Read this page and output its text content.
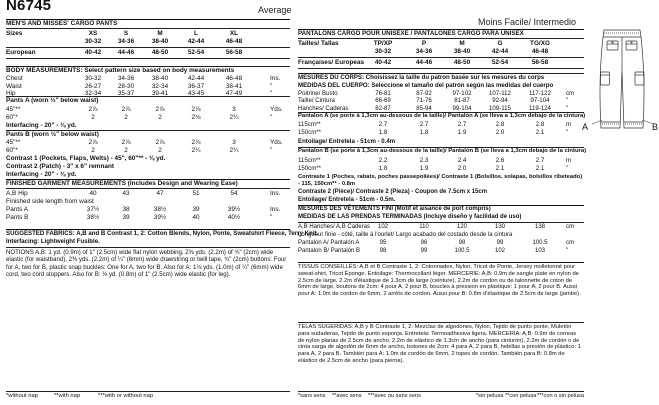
N6745	Average
MEN'S AND MISSES' CARGO PANTS
Sizes	XS	S	M	L	XL
30-32	34-36	38-40	42-44	46-48
European	40-42	44-46	48-50	52-54	56-58
BODY MEASUREMENTS: Select pattern size based on body measurements
Chest	30-32	34-36	38-40	42-44	46-48	Ins.
Waist	26-27	28-30	32-34	36-37	38-41	"
Hip	32-34	35-37	39-41	43-45	47-49	"
Pants A (worn ½" below waist)
45"**	2⅞	2⅞	2⅞	2⅞	3	Yds.
60"*	2	2	2	2⅛	2¼	"
Interfacing - 20" - ⅛ yd.
Pants B (worn ½" below waist)
45"**	2⅞	2⅞	2⅞	2⅞	3	Yds.
60"*	2	2	2	2¼	2¼	"
Contrast 1 (Pockets, Flaps, Welts) - 45", 60"** - ⅛ yd.
Contrast 2 (Patch) - 3" x 6" remnant
Interfacing - 20" - ⅛ yd.
FINISHED GARMENT MEASUREMENTS (Includes Design and Wearing Ease)
A,B Hip	40	43	47	51	54	Ins.
Finished side length from waist
Pants A	37½	38	38½	39	39½	Ins.
Pants B	38½	39	39½	40	40½	"
SUGGESTED FABRICS: A,B and B Contrast 1, 2: Cotton Blends, Nylon, Ponte, Sweatshirt Fleece, Terry Knit.
Interfacing: Lightweight Fusible.
NOTIONS A,B: 1 yd. (0.9m) of 1" (2.5cm) wide flat nylon webbing, 2⅝ yds. (2.2m) of ¾" (2cm) wide elastic (for waistband), 2⅜ yds. (2.2m) of ¼" (6mm) wide drawstring or twill tape, ¾" (2cm) buttons: Four for A, two for B, plastic snap buckles: One for A, two for B. Also for A: 1⅛ yds. (1.0m) of ¼" (6mm) wide cord, two cord stoppers. Also for B: ⅛ yd. (0.8m) of 1" (2.5cm) wide elastic (for leg).
*without nap	**with nap	***with or without nap
Moins Facile/ Intermedio
PANTALONS CARGO POUR UNISEXE / PANTALONES CARGO PARA UNISEX
Tailles/ Tallas	TP/XP	P	M	G	TG/XG
30-32	34-36	38-40	42-44	46-48
Françaises/ Europeas	40-42	44-46	48-50	52-54	56-58
MESURES DU CORPS: Choisissez la taille du patron basée sur les mesures du corps
MEDIDAS DEL CUERPO: Seleccione el tamaño del patrón según las medidas del cuerpo
Poitrine/ Busto	76-81	87-92	97-102	107-112	117-122	cm
Taille/ Cintura	66-69	71-76	81-87	92-94	97-104	"
Hanches/ Caderas	82-87	85-94	99-104	109-115	119-124	"
Pantalon A (se porte à 1,3cm au-dessous de la taille)/ Pantalón A (se lleva a 1,3cm debajo de la cintura)
115cm**	2.7	2.7	2.7	2.8	2.8	m
150cm**	1.8	1.8	1.9	2.0	2.1	"
Entoilage/ Entretela - 51cm - 0.4m
Pantalon B (se porte à 1,3cm au-dessous de la taille)/ Pantalón B (se lleva a 1,3cm debajo de la cintura)
115cm**	2.2	2.3	2.4	2.6	2.7	m
150cm**	1.8	1.9	2.0	2.1	2.1	"
Contraste 1 (Poches, rabats, poches passepoilées)/ Contraste 1 (Bolsillos, solapas, bolsillos ribeteado) - 115, 150cm** - 0.8m
Contraste 2 (Pièce)/ Contraste 2 (Pieza) - Coupon de 7.5cm x 15cm
Entoilage/ Entretela - 51cm - 0.5m.
MESURES DES VÊTEMENTS FINI (Motif et aisance de port compris)
MEDIDAS DE LAS PRENDAS TERMINADAS (Incluye diseño y facilidad de uso)
A,B Hanches/ A,B Caderas	102	110	120	130	138	cm
Longueur finie - côté, taille à l'ourlet/ Largo acabado del costado desde la cintura
Pantalon A/ Pantalón A	95	96	98	99	100.5	cm
Pantalon B/ Pantalón B	98	99	100.5	102	103	"
TISSUS CONSEILLÉS: A,B et B Contraste 1, 2: Cotonnades, Nylon, Tricot de Ponte, Jersey molletonné pour sweat-shirt, Tricot Éponge. Entoilage: Thermocollant léger. MERCERIE: A,B: 0.9m de sangle plate en nylon de 2.5cm de large, 2.2m d'élastique de 1.3cm de large (ceinture), 2.2m de cordon ou de talonnette de coton de 6mm de large, boutons de 2cm: 4 pour A, 2 pour B, boucles à pression en plastique: 1 pour A, 2 pour B. Aussi pour A: 1.0m de cordon de 6mm, 2 arrêts de cordon. Aussi pour B: 0.8m d'élastique de 2.5cm de large (jambe).
TELAS SUGERIDAS: A,B y B Contraste 1, 2: Mezclas de algodones, Nylon, Tejido de punto ponte, Muletón para sudaderas, Tejido de punto esponja. Entretela: Termoadhesiva ligera. MERCERÍA: A,B: 0.9m de correas de nylon planas de 2.5cm de ancho, 2.2m de elástico de 1.3cm de ancho (para cinturón), 2.2m de cordón o de cinta sarga de algodón de 6mm de ancho, botones de 2cm: 4 para A, 2 para B, hebillas a presión de plástico: 1 para A, 2 para B. También para A: 1.0m de cordón de 6mm, 2 topes de cordón. También para B: 0.8m de elástico de 2.5cm de ancho (para pierna).
*sans sens **avec sens ***avec ou sans sens	*sin pelusa **con pelusa ***con o sin pelusa
A	B
